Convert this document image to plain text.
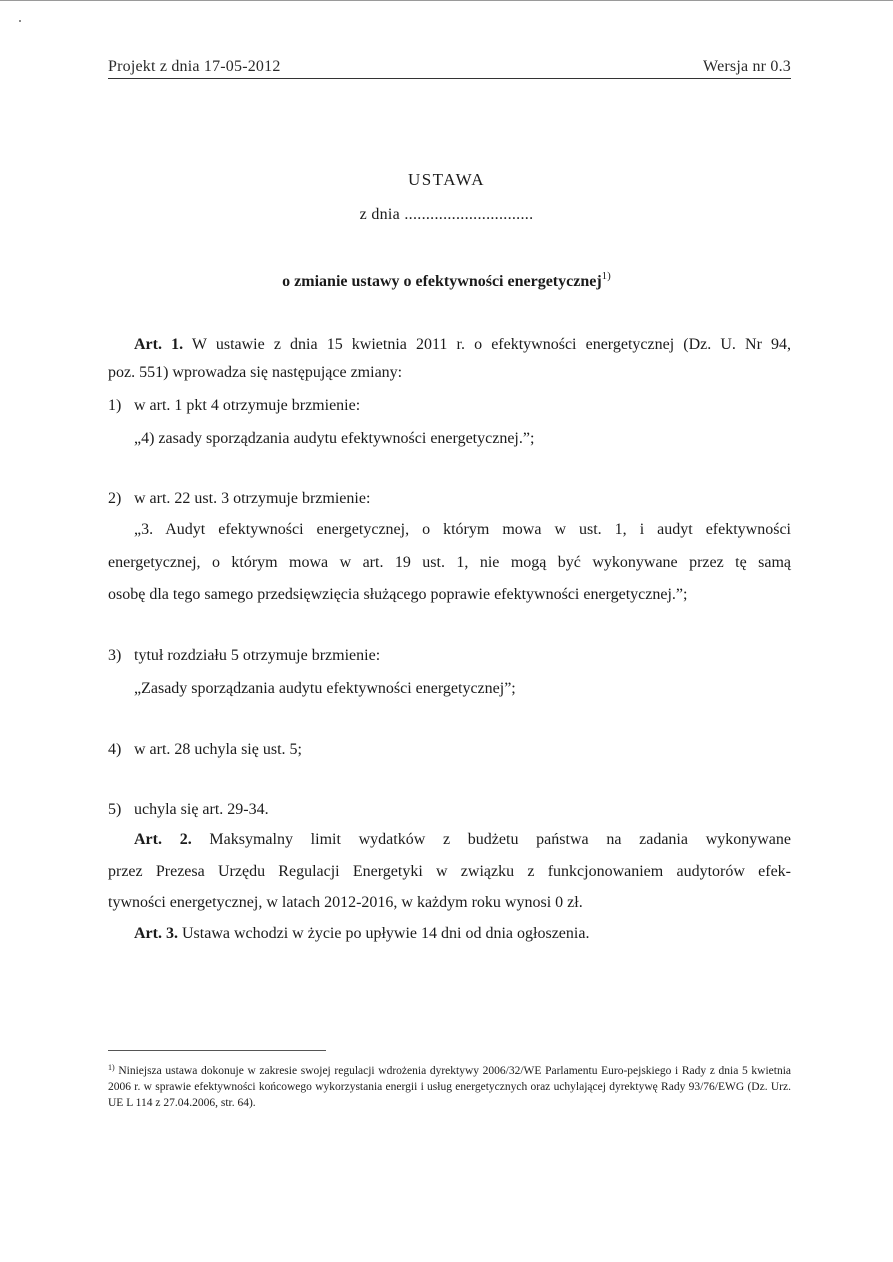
Projekt z dnia 17-05-2012	Wersja nr 0.3
USTAWA
z dnia ..............................
o zmianie ustawy o efektywności energetycznej$^{1)}$
Art. 1. W ustawie z dnia 15 kwietnia 2011 r. o efektywności energetycznej (Dz. U. Nr 94,
poz. 551) wprowadza się następujące zmiany:
1) w art. 1 pkt 4 otrzymuje brzmienie:
„4) zasady sporządzania audytu efektywności energetycznej.”;
2) w art. 22 ust. 3 otrzymuje brzmienie:
„3. Audyt efektywności energetycznej, o którym mowa w ust. 1, i audyt efektywności
energetycznej, o którym mowa w art. 19 ust. 1, nie mogą być wykonywane przez tę samą
osobę dla tego samego przedsięwzięcia służącego poprawie efektywności energetycznej.”;
3) tytuł rozdziału 5 otrzymuje brzmienie:
„Zasady sporządzania audytu efektywności energetycznej”;
4) w art. 28 uchyla się ust. 5;
5) uchyla się art. 29-34.
Art. 2. Maksymalny limit wydatków z budżetu państwa na zadania wykonywane
przez Prezesa Urzędu Regulacji Energetyki w związku z funkcjonowaniem audytorów efek-
tywności energetycznej, w latach 2012-2016, w każdym roku wynosi 0 zł.
Art. 3. Ustawa wchodzi w życie po upływie 14 dni od dnia ogłoszenia.
$^{1)}$ Niniejsza ustawa dokonuje w zakresie swojej regulacji wdrożenia dyrektywy 2006/32/WE Parlamentu Euro-pejskiego i Rady z dnia 5 kwietnia 2006 r. w sprawie efektywności końcowego wykorzystania energii i usług energetycznych oraz uchylającej dyrektywę Rady 93/76/EWG (Dz. Urz. UE L 114 z 27.04.2006, str. 64).
